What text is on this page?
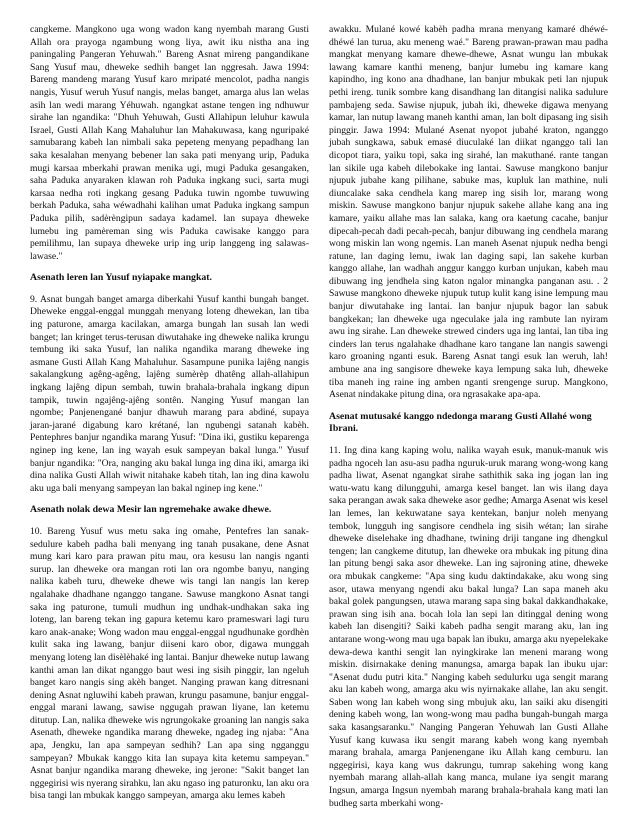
cangkeme. Mangkono uga wong wadon kang nyembah marang Gusti Allah ora prayoga ngambung wong liya, awit iku nistha ana ing paningaling Pangeran Yehuwah." Bareng Asnat mireng pangandikane Sang Yusuf mau, dheweke sedhih banget lan nggresah. Jawa 1994: Bareng mandeng marang Yusuf karo mripaté mencolot, padha nangis nangis, Yusuf weruh Yusuf nangis, melas banget, amarga alus lan welas asih lan wedi marang Yéhuwah. ngangkat astane tengen ing ndhuwur sirahe lan ngandika: "Dhuh Yehuwah, Gusti Allahipun leluhur kawula Israel, Gusti Allah Kang Mahaluhur lan Mahakuwasa, kang nguripaké samubarang kabeh lan nimbali saka pepeteng menyang pepadhang lan saka kesalahan menyang bebener lan saka pati menyang urip, Paduka mugi karsaa mberkahi prawan menika ugi, mugi Paduka gesangaken, saha Paduka anyaraken klawan roh Paduka ingkang suci, sarta mugi karsaa nedha roti ingkang gesang Paduka tuwin ngombe tuwuwing berkah Paduka, saha wéwadhahi kalihan umat Paduka ingkang sampun Paduka pilih, sadèrèngipun sadaya kadamel. lan supaya dheweke lumebu ing pamèreman sing wis Paduka cawisake kanggo para pemilihmu, lan supaya dheweke urip ing urip langgeng ing salawas-lawase."

Asenath leren lan Yusuf nyiapake mangkat.

9. Asnat bungah banget amarga diberkahi Yusuf kanthi bungah banget. Dheweke enggal-enggal munggah menyang loteng dhewekan, lan tiba ing paturone, amarga kacilakan, amarga bungah lan susah lan wedi banget; lan kringet terus-terusan diwutahake ing dheweke nalika krungu tembung iki saka Yusuf, lan nalika ngandika marang dheweke ing asmane Gusti Allah Kang Mahaluhur. Sasampune punika lajêng nangis sakalangkung agêng-agêng, lajêng sumèrèp dhatêng allah-allahipun ingkang lajêng dipun sembah, tuwin brahala-brahala ingkang dipun tampik, tuwin ngajêng-ajêng sontên. Nanging Yusuf mangan lan ngombe; Panjenengané banjur dhawuh marang para abdiné, supaya jaran-jarané digabung karo krétané, lan ngubengi satanah kabèh. Pentephres banjur ngandika marang Yusuf: "Dina iki, gustiku keparenga nginep ing kene, lan ing wayah esuk sampeyan bakal lunga." Yusuf banjur ngandika: "Ora, nanging aku bakal lunga ing dina iki, amarga iki dina nalika Gusti Allah wiwit nitahake kabeh titah, lan ing dina kawolu aku uga bali menyang sampeyan lan bakal nginep ing kene."

Asenath nolak dewa Mesir lan ngremehake awake dhewe.

10. Bareng Yusuf wus metu saka ing omahe, Pentefres lan sanak-sedulure kabeh padha bali menyang ing tanah pusakane, dene Asnat mung kari karo para prawan pitu mau, ora kesusu lan nangis nganti surup. lan dheweke ora mangan roti lan ora ngombe banyu, nanging nalika kabeh turu, dheweke dhewe wis tangi lan nangis lan kerep ngalahake dhadhane nganggo tangane. Sawuse mangkono Asnat tangi saka ing paturone, tumuli mudhun ing undhak-undhakan saka ing loteng, lan bareng tekan ing gapura ketemu karo prameswari lagi turu karo anak-anake; Wong wadon mau enggal-enggal ngudhunake gordhèn kulit saka ing lawang, banjur diiseni karo obor, digawa munggah menyang loteng lan disèlèhaké ing lantai. Banjur dheweke nutup lawang kanthi aman lan dikat nganggo baut wesi ing sisih pinggir, lan ngeluh banget karo nangis sing akèh banget. Nanging prawan kang ditresnani dening Asnat ngluwihi kabeh prawan, krungu pasamune, banjur enggal-enggal marani lawang, sawise nggugah prawan liyane, lan ketemu ditutup. Lan, nalika dheweke wis ngrungokake groaning lan nangis saka Asenath, dheweke ngandika marang dheweke, ngadeg ing njaba: "Ana apa, Jengku, lan apa sampeyan sedhih? Lan apa sing ngganggu sampeyan? Mbukak kanggo kita lan supaya kita ketemu sampeyan." Asnat banjur ngandika marang dheweke, ing jerone: "Sakit banget lan nggegirisi wis nyerang sirahku, lan aku ngaso ing paturonku, lan aku ora bisa tangi lan mbukak kanggo sampeyan, amarga aku lemes kabeh

awakku. Mulané kowé kabèh padha mrana menyang kamaré dhéwé-dhéwé lan turua, aku meneng waé." Bareng prawan-prawan mau padha mangkat menyang kamare dhewe-dhewe, Asnat wungu lan mbukak lawang kamare kanthi meneng, banjur lumebu ing kamare kang kapindho, ing kono ana dhadhane, lan banjur mbukak peti lan njupuk pethi ireng. tunik sombre kang disandhang lan ditangisi nalika sadulure pambajeng seda. Sawise njupuk, jubah iki, dheweke digawa menyang kamar, lan nutup lawang maneh kanthi aman, lan bolt dipasang ing sisih pinggir. Jawa 1994: Mulané Asenat nyopot jubahé kraton, nganggo jubah sungkawa, sabuk emasé diuculaké lan diikat nganggo tali lan dicopot tiara, yaiku topi, saka ing sirahé, lan makuthané. rante tangan lan sikile uga kabeh dilebokake ing lantai. Sawuse mangkono banjur njupuk jubahe kang pilihane, sabuke mas, kupluk lan mathine, nuli diuncalake saka cendhela kang marep ing sisih lor, marang wong miskin. Sawuse mangkono banjur njupuk sakehe allahe kang ana ing kamare, yaiku allahe mas lan salaka, kang ora kaetung cacahe, banjur dipecah-pecah dadi pecah-pecah, banjur dibuwang ing cendhela marang wong miskin lan wong ngemis. Lan maneh Asenat njupuk nedha bengi ratune, lan daging lemu, iwak lan daging sapi, lan sakehe kurban kanggo allahe, lan wadhah anggur kanggo kurban unjukan, kabeh mau dibuwang ing jendhela sing katon ngalor minangka panganan asu. . 2 Sawuse mangkono dheweke njupuk tutup kulit kang isine lempung mau banjur diwutahake ing lantai. lan banjur njupuk bagor lan sabuk bangkekan; lan dheweke uga ngeculake jala ing rambute lan nyiram awu ing sirahe. Lan dheweke strewed cinders uga ing lantai, lan tiba ing cinders lan terus ngalahake dhadhane karo tangane lan nangis sawengi karo groaning nganti esuk. Bareng Asnat tangi esuk lan weruh, lah! ambune ana ing sangisore dheweke kaya lempung saka luh, dheweke tiba maneh ing raine ing amben nganti srengenge surup. Mangkono, Asenat nindakake pitung dina, ora ngrasakake apa-apa.

Asenat mutusaké kanggo ndedonga marang Gusti Allahé wong Ibrani.

11. Ing dina kang kaping wolu, nalika wayah esuk, manuk-manuk wis padha ngoceh lan asu-asu padha nguruk-uruk marang wong-wong kang padha liwat, Asenat ngangkat sirahe sathithik saka ing jogan lan ing watu-watu kang dilungguhi, amarga kesel banget. lan wis ilang daya saka perangan awak saka dheweke asor gedhe; Amarga Asenat wis kesel lan lemes, lan kekuwatane saya kentekan, banjur noleh menyang tembok, lungguh ing sangisore cendhela ing sisih wétan; lan sirahe dheweke diselehake ing dhadhane, twining driji tangane ing dhengkul tengen; lan cangkeme ditutup, lan dheweke ora mbukak ing pitung dina lan pitung bengi saka asor dheweke. Lan ing sajroning atine, dheweke ora mbukak cangkeme: "Apa sing kudu daktindakake, aku wong sing asor, utawa menyang ngendi aku bakal lunga? Lan sapa maneh aku bakal golek pangungsen, utawa marang sapa sing bakal dakkandhakake, prawan sing isih ana. bocah lola lan sepi lan ditinggal dening wong kabeh lan disengiti? Saiki kabeh padha sengit marang aku, lan ing antarane wong-wong mau uga bapak lan ibuku, amarga aku nyepelekake dewa-dewa kanthi sengit lan nyingkirake lan meneni marang wong miskin. disirnakake dening manungsa, amarga bapak lan ibuku ujar: "Asenat dudu putri kita." Nanging kabeh sedulurku uga sengit marang aku lan kabeh wong, amarga aku wis nyirnakake allahe, lan aku sengit. Saben wong lan kabeh wong sing mbujuk aku, lan saiki aku disengiti dening kabeh wong, lan wong-wong mau padha bungah-bungah marga saka kasangsaranku." Nanging Pangeran Yehuwah lan Gusti Allahe Yusuf kang kuwasa iku sengit marang kabeh wong kang nyembah marang brahala, amarga Panjenengane iku Allah kang cemburu. lan nggegirisi, kaya kang wus dakrungu, tumrap sakehing wong kang nyembah marang allah-allah kang manca, mulane iya sengit marang Ingsun, amarga Ingsun nyembah marang brahala-brahala kang mati lan budheg sarta mberkahi wong-
